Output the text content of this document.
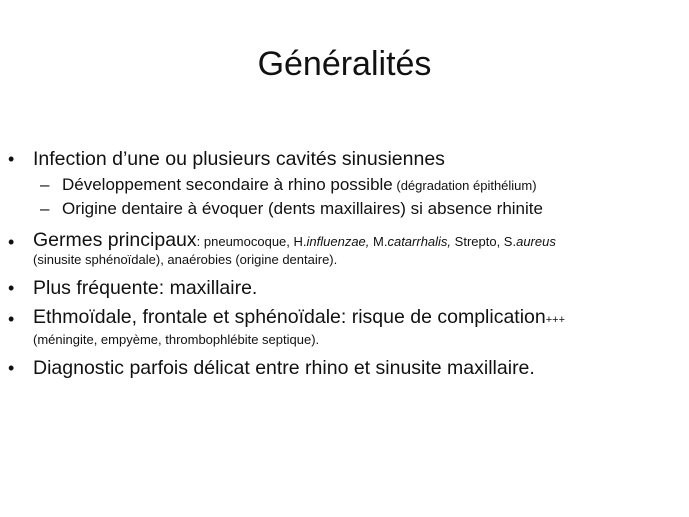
Généralités
• Infection d’une ou plusieurs cavités sinusiennes
– Développement secondaire à rhino possible (dégradation épithélium)
– Origine dentaire à évoquer (dents maxillaires) si absence rhinite
• Germes principaux: pneumocoque, H.influenzae, M.catarrhalis, Strepto, S.aureus
(sinusite sphénoïdale), anaérobies (origine dentaire).
• Plus fréquente: maxillaire.
• Ethmoïdale, frontale et sphénoïdale: risque de complication+++
(méningite, empyème, thrombophlébite septique).
• Diagnostic parfois délicat entre rhino et sinusite maxillaire.
